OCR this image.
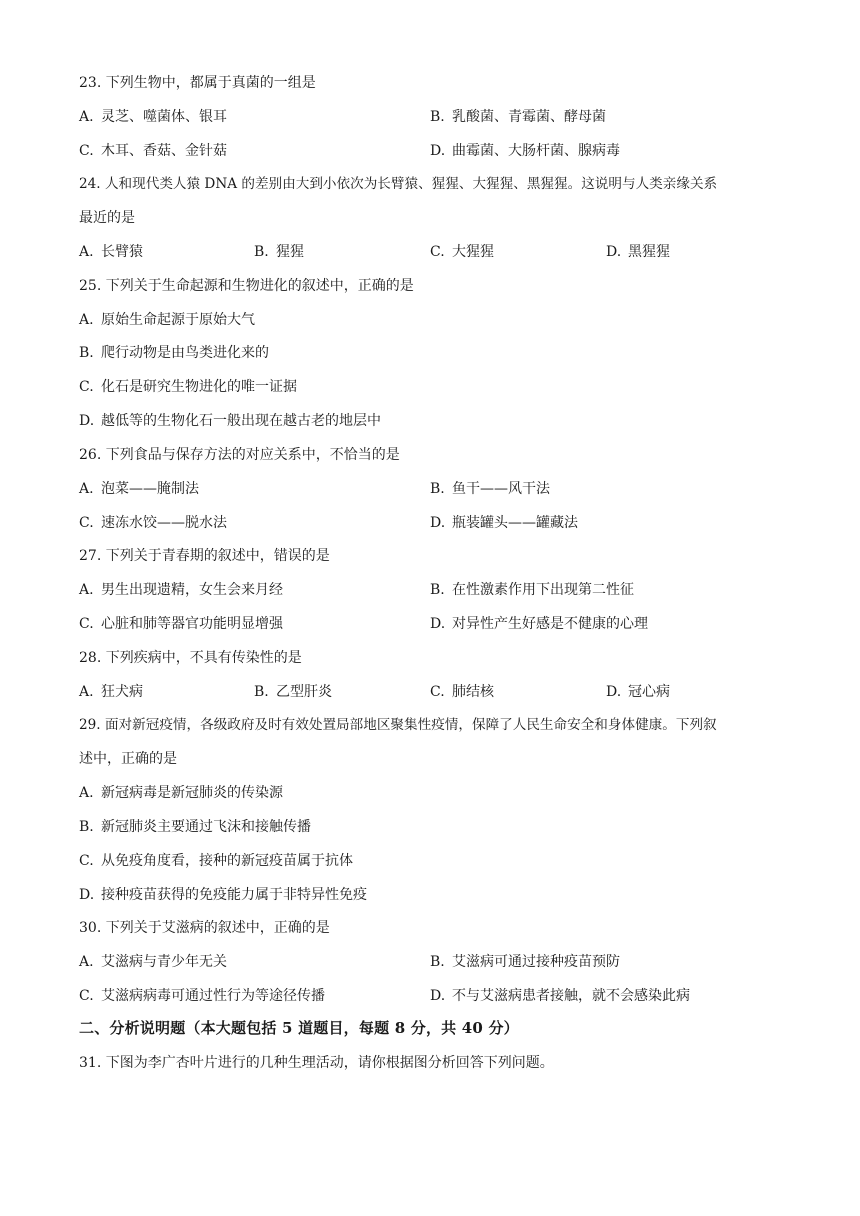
23. 下列生物中，都属于真菌的一组是
A. 灵芝、噬菌体、银耳	B. 乳酸菌、青霉菌、酵母菌
C. 木耳、香菇、金针菇	D. 曲霉菌、大肠杆菌、腺病毒
24. 人和现代类人猿 DNA 的差别由大到小依次为长臂猿、猩猩、大猩猩、黑猩猩。这说明与人类亲缘关系
最近的是
A. 长臂猿	B. 猩猩	C. 大猩猩	D. 黑猩猩
25. 下列关于生命起源和生物进化的叙述中，正确的是
A. 原始生命起源于原始大气
B. 爬行动物是由鸟类进化来的
C. 化石是研究生物进化的唯一证据
D. 越低等的生物化石一般出现在越古老的地层中
26. 下列食品与保存方法的对应关系中，不恰当的是
A. 泡菜——腌制法	B. 鱼干——风干法
C. 速冻水饺——脱水法	D. 瓶装罐头——罐藏法
27. 下列关于青春期的叙述中，错误的是
A. 男生出现遗精，女生会来月经	B. 在性激素作用下出现第二性征
C. 心脏和肺等器官功能明显增强	D. 对异性产生好感是不健康的心理
28. 下列疾病中，不具有传染性的是
A. 狂犬病	B. 乙型肝炎	C. 肺结核	D. 冠心病
29. 面对新冠疫情，各级政府及时有效处置局部地区聚集性疫情，保障了人民生命安全和身体健康。下列叙
述中，正确的是
A. 新冠病毒是新冠肺炎的传染源
B. 新冠肺炎主要通过飞沫和接触传播
C. 从免疫角度看，接种的新冠疫苗属于抗体
D. 接种疫苗获得的免疫能力属于非特异性免疫
30. 下列关于艾滋病的叙述中，正确的是
A. 艾滋病与青少年无关	B. 艾滋病可通过接种疫苗预防
C. 艾滋病病毒可通过性行为等途径传播	D. 不与艾滋病患者接触，就不会感染此病
二、分析说明题（本大题包括 5 道题目，每题 8 分，共 40 分）
31. 下图为李广杏叶片进行的几种生理活动，请你根据图分析回答下列问题。
